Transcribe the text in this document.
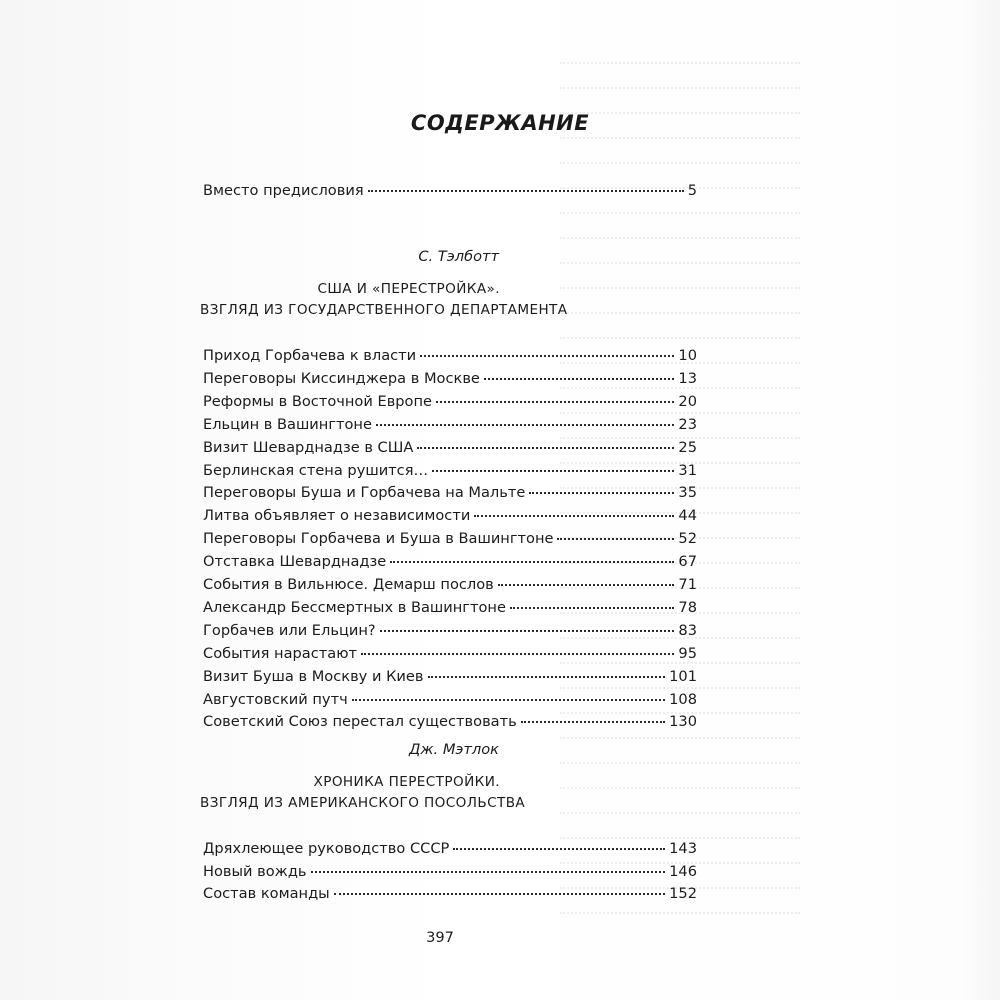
СОДЕРЖАНИЕ
Вместо предисловия	5
С. Тэлботт
США И «ПЕРЕСТРОЙКА».
ВЗГЛЯД ИЗ ГОСУДАРСТВЕННОГО ДЕПАРТАМЕНТА
Приход Горбачева к власти	10
Переговоры Киссинджера в Москве	13
Реформы в Восточной Европе	20
Ельцин в Вашингтоне	23
Визит Шеварднадзе в США	25
Берлинская стена рушится…	31
Переговоры Буша и Горбачева на Мальте	35
Литва объявляет о независимости	44
Переговоры Горбачева и Буша в Вашингтоне	52
Отставка Шеварднадзе	67
События в Вильнюсе. Демарш послов	71
Александр Бессмертных в Вашингтоне	78
Горбачев или Ельцин?	83
События нарастают	95
Визит Буша в Москву и Киев	101
Августовский путч	108
Советский Союз перестал существовать	130
Дж. Мэтлок
ХРОНИКА ПЕРЕСТРОЙКИ.
ВЗГЛЯД ИЗ АМЕРИКАНСКОГО ПОСОЛЬСТВА
Дряхлеющее руководство СССР	143
Новый вождь	146
Состав команды	152
397
